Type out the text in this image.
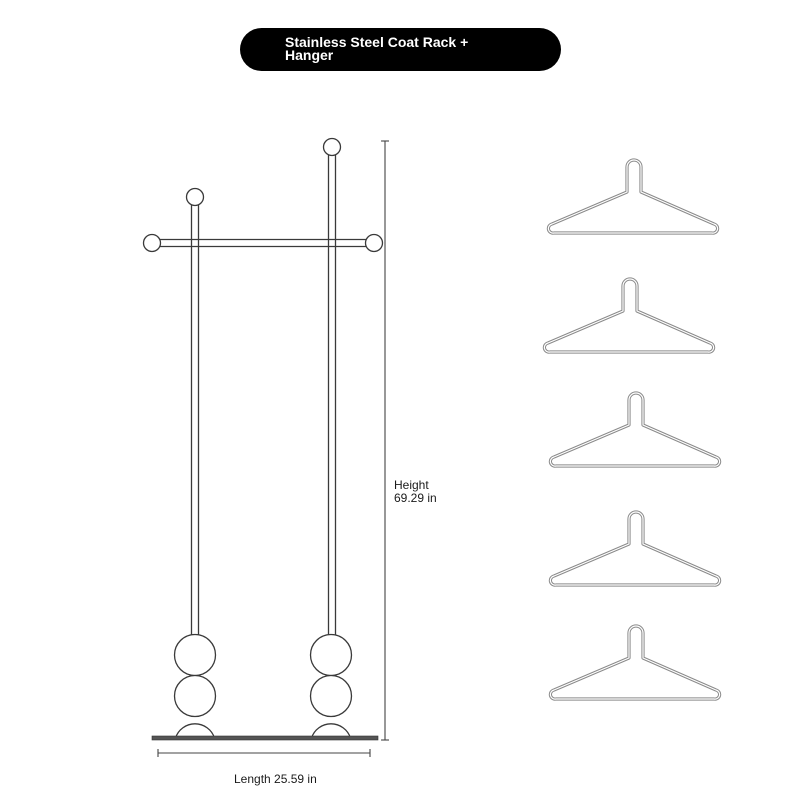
Stainless Steel Coat Rack + Hanger
Height
69.29 in
Length 25.59 in
